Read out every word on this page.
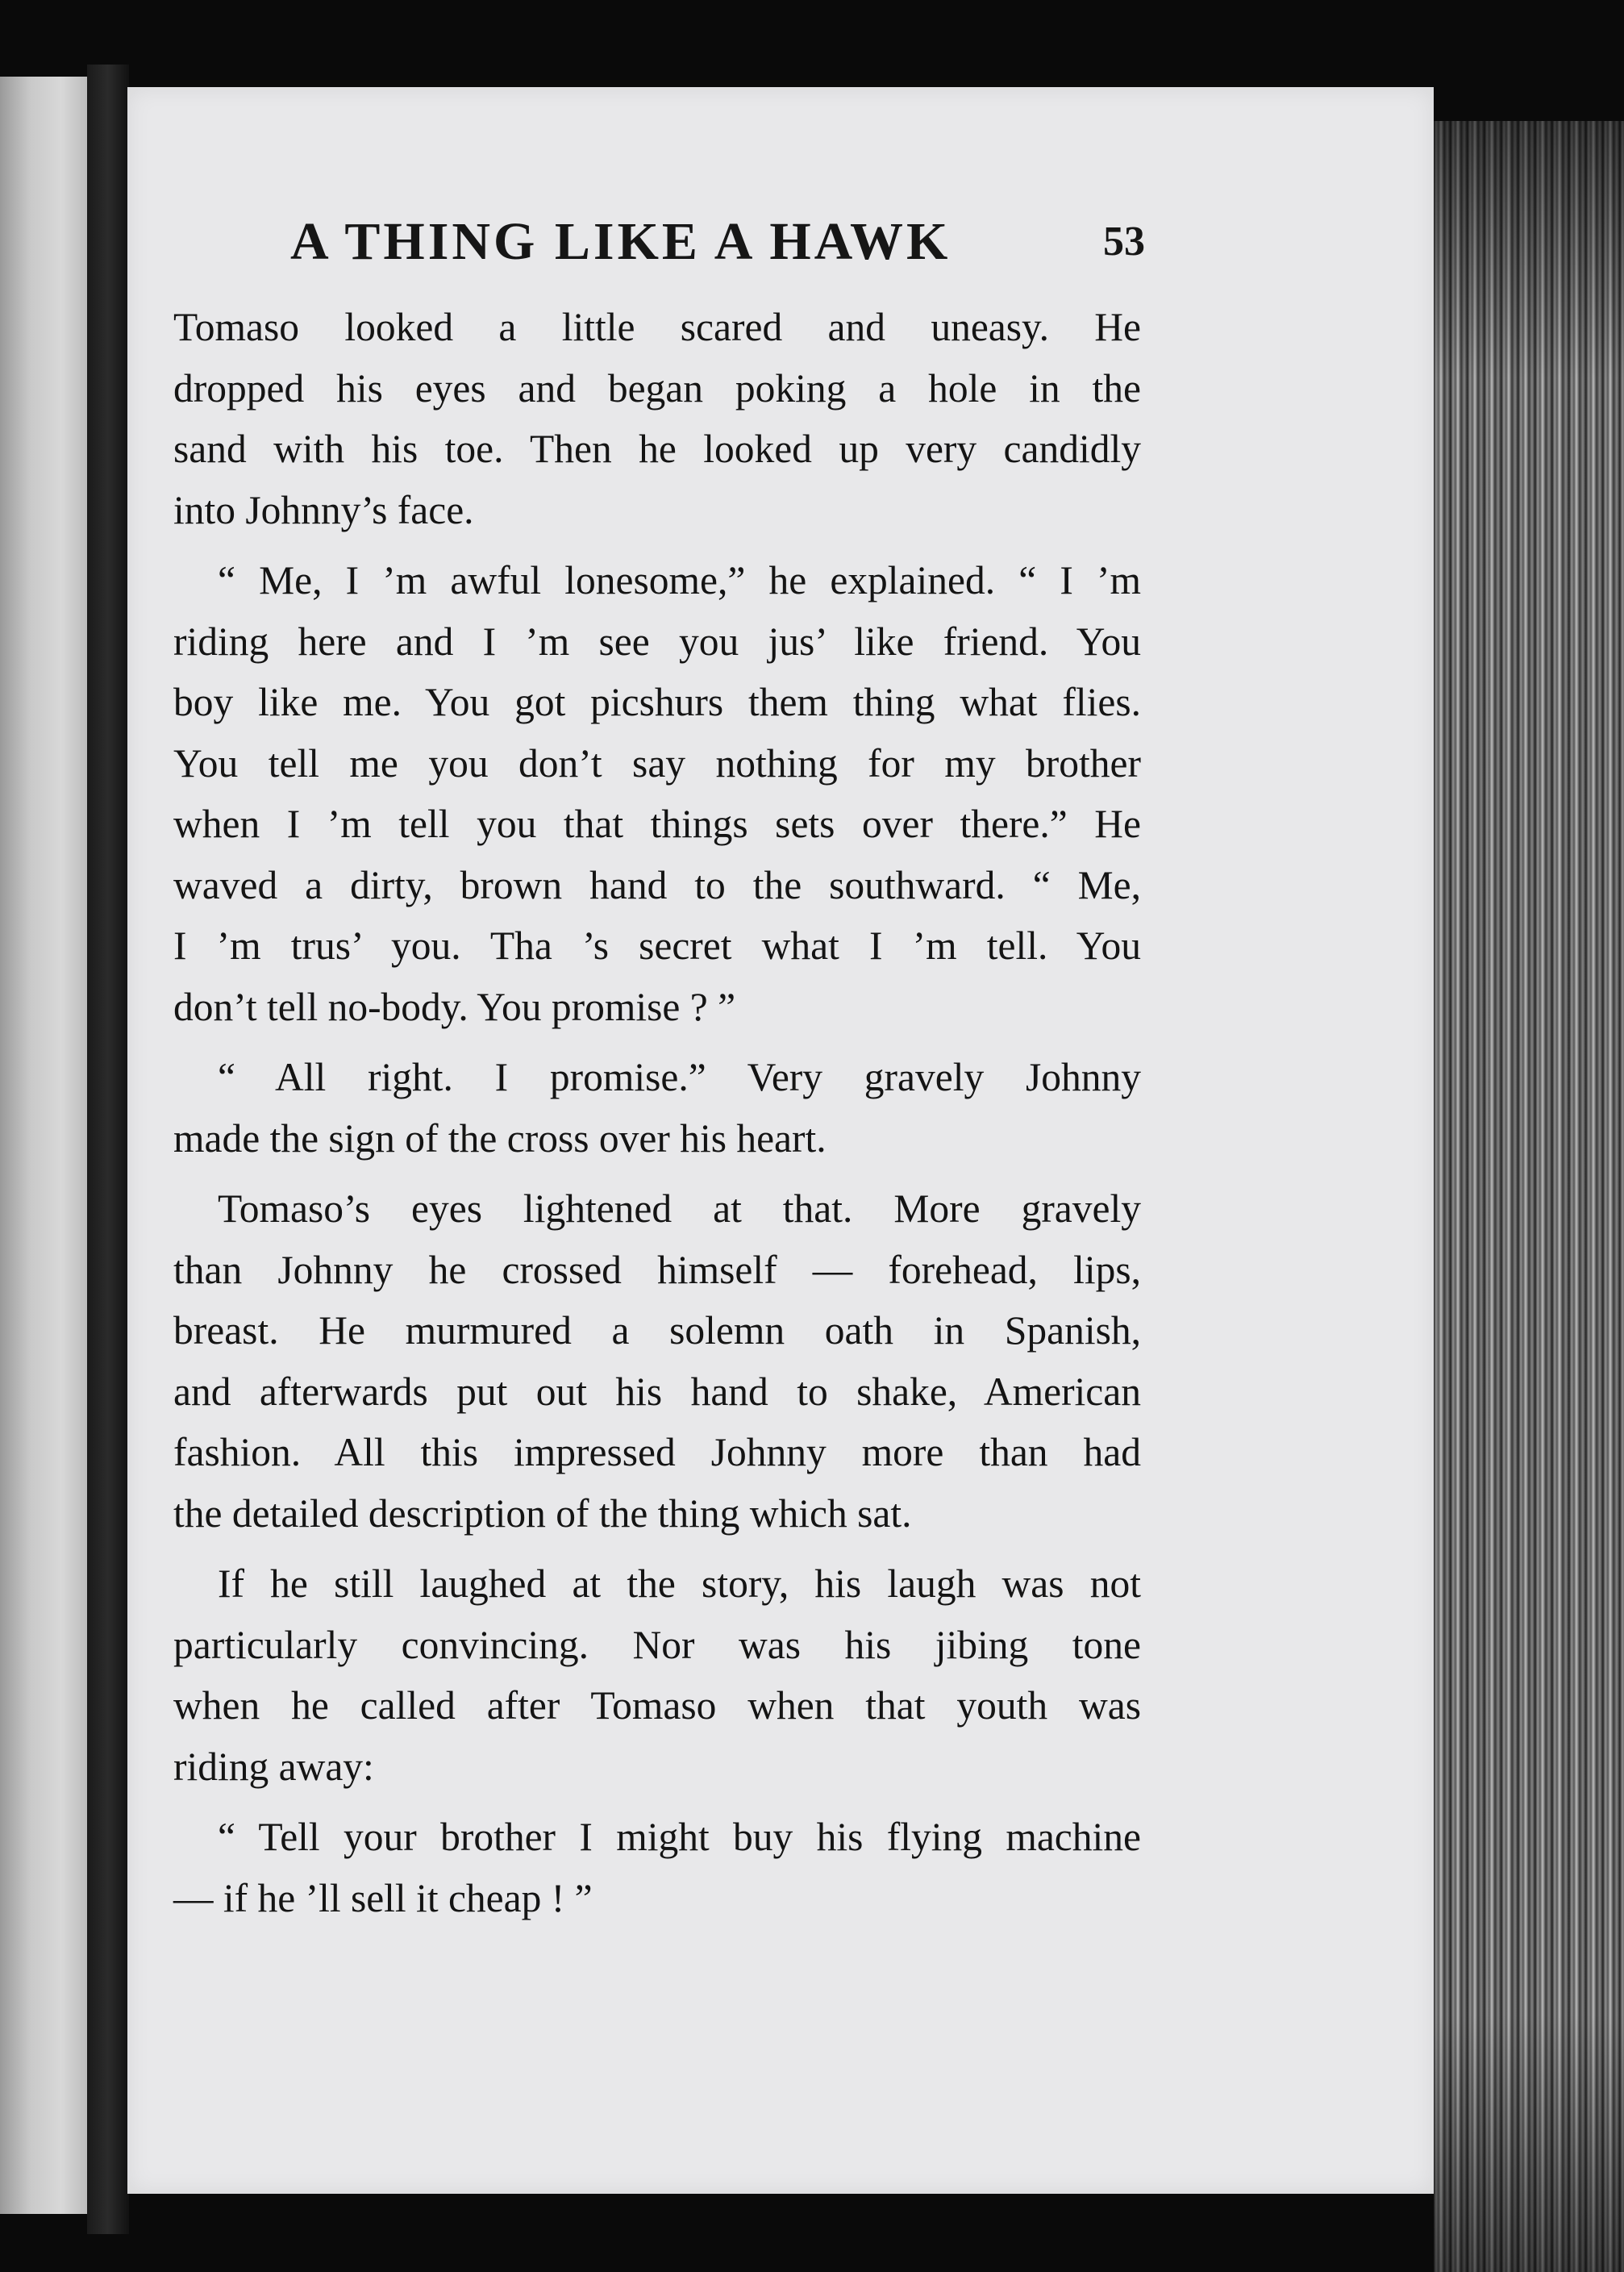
A THING LIKE A HAWK	53
Tomaso looked a little scared and uneasy. He
dropped his eyes and began poking a hole in the
sand with his toe. Then he looked up very candidly
into Johnny’s face.
“ Me, I ’m awful lonesome,” he explained. “ I ’m
riding here and I ’m see you jus’ like friend. You
boy like me. You got picshurs them thing what flies.
You tell me you don’t say nothing for my brother
when I ’m tell you that things sets over there.” He
waved a dirty, brown hand to the southward. “ Me,
I ’m trus’ you. Tha ’s secret what I ’m tell. You
don’t tell no-body. You promise ? ”
“ All right. I promise.” Very gravely Johnny
made the sign of the cross over his heart.
Tomaso’s eyes lightened at that. More gravely
than Johnny he crossed himself — forehead, lips,
breast. He murmured a solemn oath in Spanish,
and afterwards put out his hand to shake, American
fashion. All this impressed Johnny more than had
the detailed description of the thing which sat.
If he still laughed at the story, his laugh was not
particularly convincing. Nor was his jibing tone
when he called after Tomaso when that youth was
riding away:
“ Tell your brother I might buy his flying machine
— if he ’ll sell it cheap ! ”
